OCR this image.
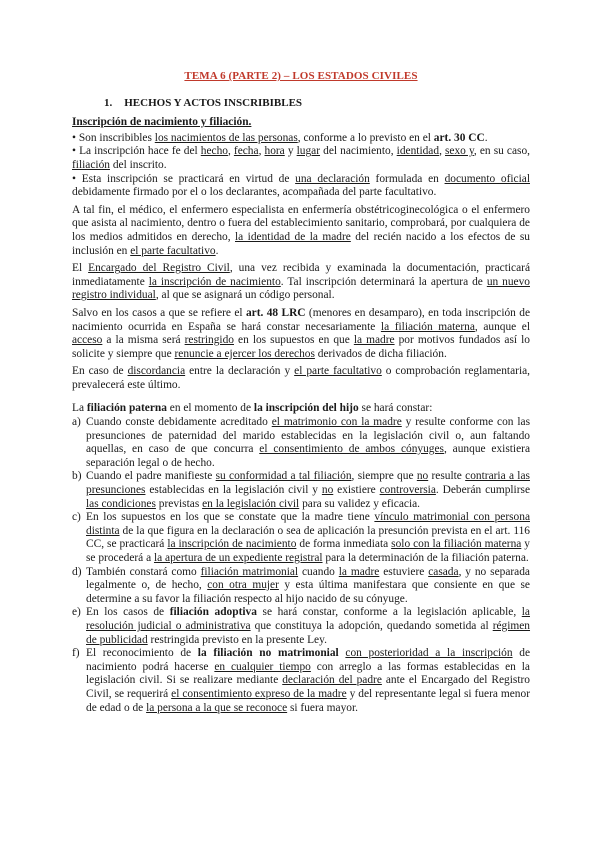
TEMA 6 (PARTE 2) – LOS ESTADOS CIVILES
1. HECHOS Y ACTOS INSCRIBIBLES
Inscripción de nacimiento y filiación.

• Son inscribibles los nacimientos de las personas, conforme a lo previsto en el art. 30 CC.

• La inscripción hace fe del hecho, fecha, hora y lugar del nacimiento, identidad, sexo y, en su caso, filiación del inscrito.

• Esta inscripción se practicará en virtud de una declaración formulada en documento oficial debidamente firmado por el o los declarantes, acompañada del parte facultativo.

A tal fin, el médico, el enfermero especialista en enfermería obstétricoginecológica o el enfermero que asista al nacimiento, dentro o fuera del establecimiento sanitario, comprobará, por cualquiera de los medios admitidos en derecho, la identidad de la madre del recién nacido a los efectos de su inclusión en el parte facultativo.

El Encargado del Registro Civil, una vez recibida y examinada la documentación, practicará inmediatamente la inscripción de nacimiento. Tal inscripción determinará la apertura de un nuevo registro individual, al que se asignará un código personal.

Salvo en los casos a que se refiere el art. 48 LRC (menores en desamparo), en toda inscripción de nacimiento ocurrida en España se hará constar necesariamente la filiación materna, aunque el acceso a la misma será restringido en los supuestos en que la madre por motivos fundados así lo solicite y siempre que renuncie a ejercer los derechos derivados de dicha filiación.

En caso de discordancia entre la declaración y el parte facultativo o comprobación reglamentaria, prevalecerá este último.

La filiación paterna en el momento de la inscripción del hijo se hará constar:

a) Cuando conste debidamente acreditado el matrimonio con la madre y resulte conforme con las presunciones de paternidad del marido establecidas en la legislación civil o, aun faltando aquellas, en caso de que concurra el consentimiento de ambos cónyuges, aunque existiera separación legal o de hecho.
b) Cuando el padre manifieste su conformidad a tal filiación, siempre que no resulte contraria a las presunciones establecidas en la legislación civil y no existiere controversia. Deberán cumplirse las condiciones previstas en la legislación civil para su validez y eficacia.
c) En los supuestos en los que se constate que la madre tiene vínculo matrimonial con persona distinta de la que figura en la declaración o sea de aplicación la presunción prevista en el art. 116 CC, se practicará la inscripción de nacimiento de forma inmediata solo con la filiación materna y se procederá a la apertura de un expediente registral para la determinación de la filiación paterna.
d) También constará como filiación matrimonial cuando la madre estuviere casada, y no separada legalmente o, de hecho, con otra mujer y esta última manifestara que consiente en que se determine a su favor la filiación respecto al hijo nacido de su cónyuge.
e) En los casos de filiación adoptiva se hará constar, conforme a la legislación aplicable, la resolución judicial o administrativa que constituya la adopción, quedando sometida al régimen de publicidad restringida previsto en la presente Ley.
f) El reconocimiento de la filiación no matrimonial con posterioridad a la inscripción de nacimiento podrá hacerse en cualquier tiempo con arreglo a las formas establecidas en la legislación civil. Si se realizare mediante declaración del padre ante el Encargado del Registro Civil, se requerirá el consentimiento expreso de la madre y del representante legal si fuera menor de edad o de la persona a la que se reconoce si fuera mayor.
